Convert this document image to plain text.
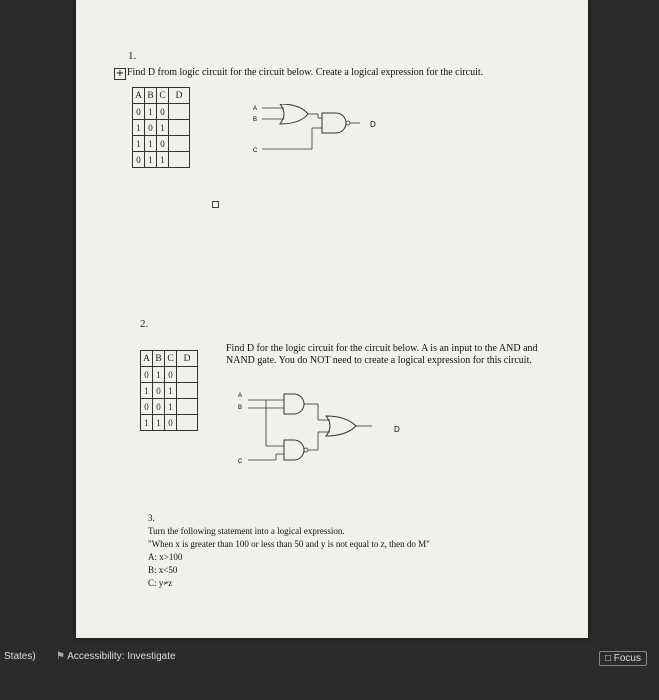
1.
+ Find D from logic circuit for the circuit below. Create a logical expression for the circuit.
A	B	C	D
0	1	0	
1	0	1	
1	1	0	
0	1	1	
A
B
C
D
2.
Find D for the logic circuit for the circuit below. A is an input to the AND and NAND gate. You do NOT need to create a logical expression for this circuit.
A	B	C	D
0	1	0	
1	0	1	
0	0	1	
1	1	0	
A
B
C
D

3.

Turn the following statement into a logical expression.

"When x is greater than 100 or less than 50 and y is not equal to z, then do M"

A: x>100

B: x<50

C: y≠z

States) ⚑ Accessibility: Investigate	□ Focus
